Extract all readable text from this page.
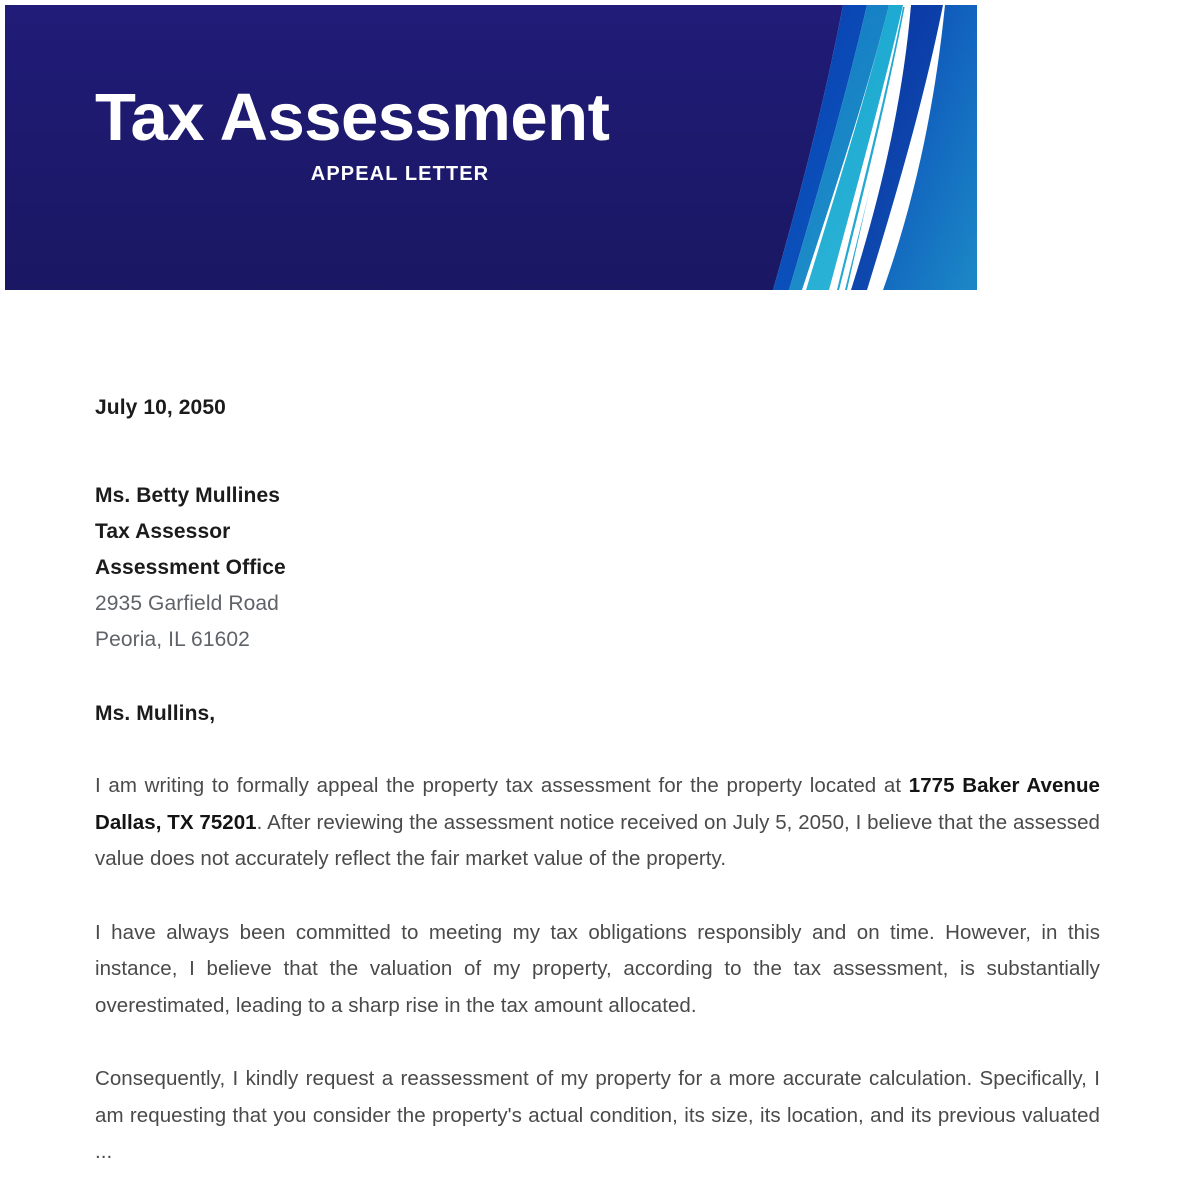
Tax Assessment
APPEAL LETTER
July 10, 2050
Ms. Betty Mullines
Tax Assessor
Assessment Office
2935 Garfield Road
Peoria, IL 61602
Ms. Mullins,

I am writing to formally appeal the property tax assessment for the property located at 1775 Baker Avenue Dallas, TX 75201. After reviewing the assessment notice received on July 5, 2050, I believe that the assessed value does not accurately reflect the fair market value of the property.

I have always been committed to meeting my tax obligations responsibly and on time. However, in this instance, I believe that the valuation of my property, according to the tax assessment, is substantially overestimated, leading to a sharp rise in the tax amount allocated.

Consequently, I kindly request a reassessment of my property for a more accurate calculation. Specifically, I am requesting that you consider the property's actual condition, its size, its location, and its previous valuated ...
